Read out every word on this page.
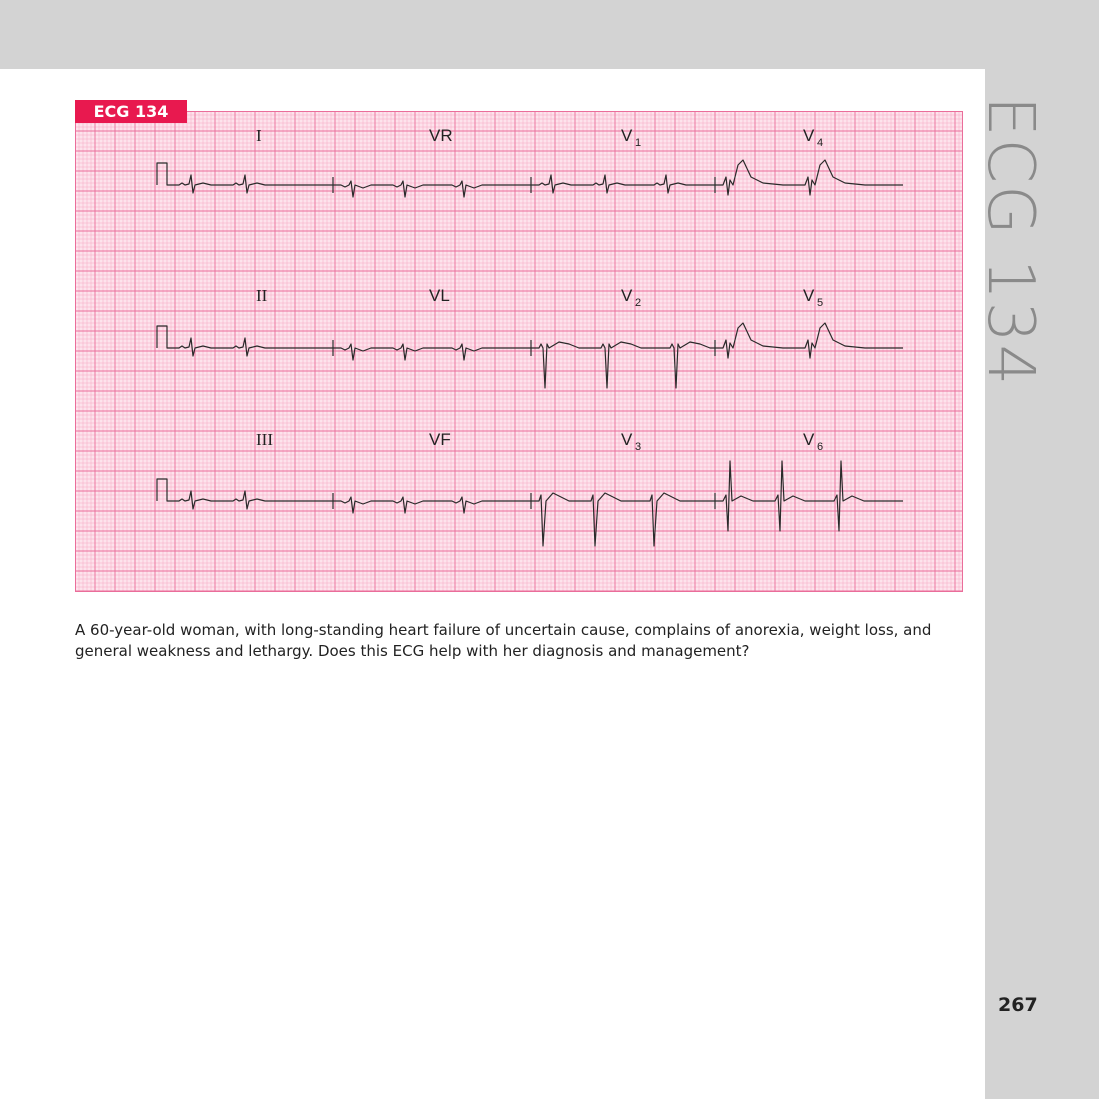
ECG 134
I	VR	V 1	V 4
II	VL	V 2	V 5
III	VF	V 3	V 6
ECG 134
A 60-year-old woman, with long-standing heart failure of uncertain cause, complains of anorexia, weight loss, and general weakness and lethargy. Does this ECG help with her diagnosis and management?
267
